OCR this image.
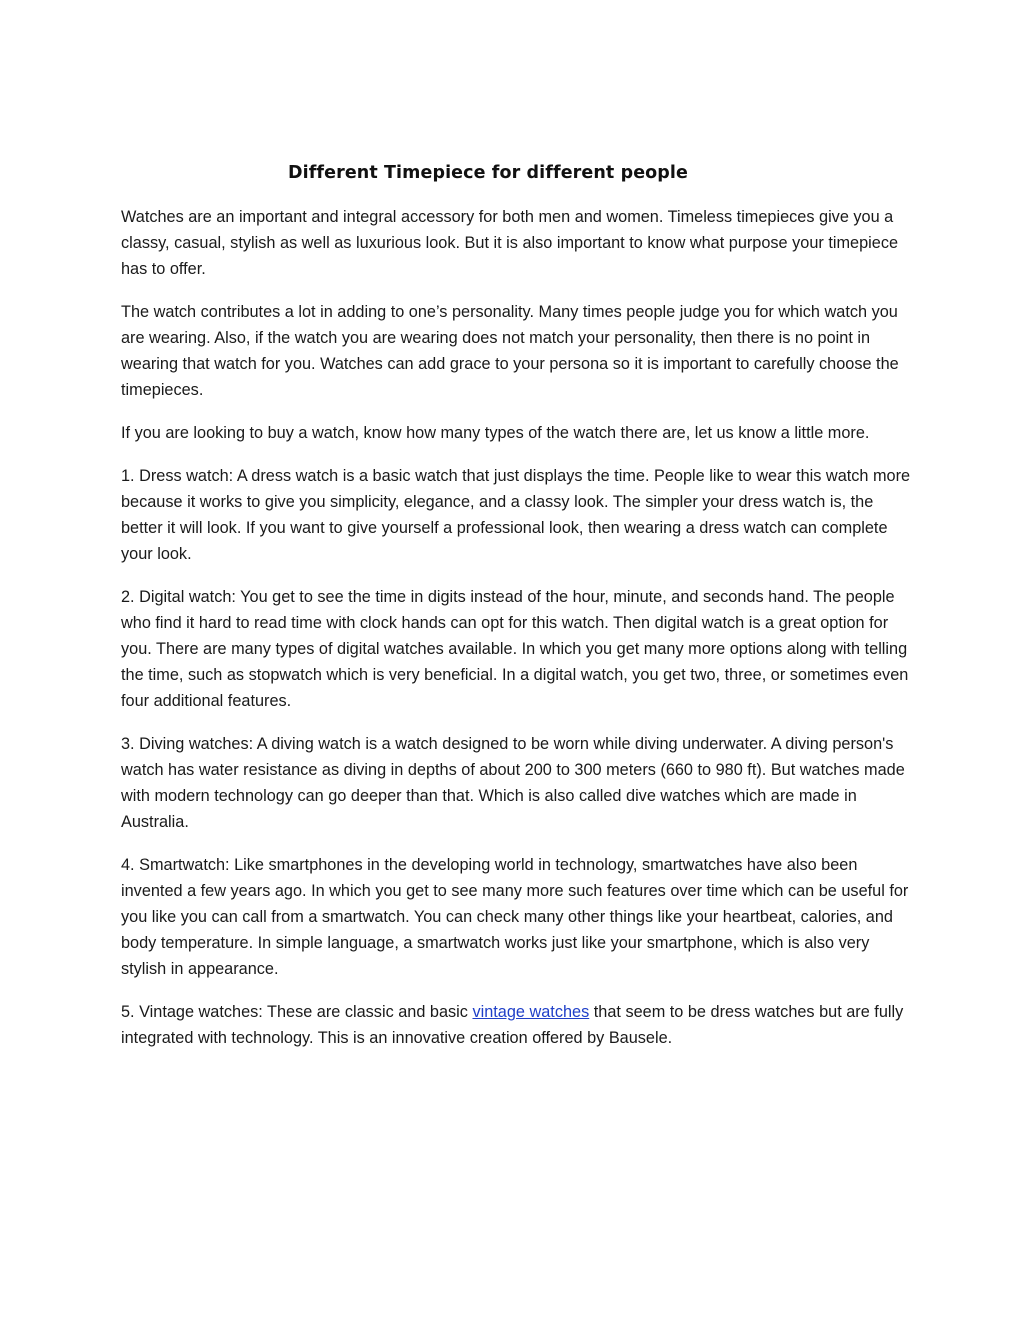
Different Timepiece for different people

Watches are an important and integral accessory for both men and women. Timeless timepieces give you a classy, casual, stylish as well as luxurious look. But it is also important to know what purpose your timepiece has to offer.

The watch contributes a lot in adding to one’s personality. Many times people judge you for which watch you are wearing. Also, if the watch you are wearing does not match your personality, then there is no point in wearing that watch for you. Watches can add grace to your persona so it is important to carefully choose the timepieces.

If you are looking to buy a watch, know how many types of the watch there are, let us know a little more.

1. Dress watch: A dress watch is a basic watch that just displays the time. People like to wear this watch more because it works to give you simplicity, elegance, and a classy look. The simpler your dress watch is, the better it will look. If you want to give yourself a professional look, then wearing a dress watch can complete your look.

2. Digital watch: You get to see the time in digits instead of the hour, minute, and seconds hand. The people who find it hard to read time with clock hands can opt for this watch. Then digital watch is a great option for you. There are many types of digital watches available. In which you get many more options along with telling the time, such as stopwatch which is very beneficial. In a digital watch, you get two, three, or sometimes even four additional features.

3. Diving watches: A diving watch is a watch designed to be worn while diving underwater. A diving person's watch has water resistance as diving in depths of about 200 to 300 meters (660 to 980 ft). But watches made with modern technology can go deeper than that. Which is also called dive watches which are made in Australia.

4. Smartwatch: Like smartphones in the developing world in technology, smartwatches have also been invented a few years ago. In which you get to see many more such features over time which can be useful for you like you can call from a smartwatch. You can check many other things like your heartbeat, calories, and body temperature. In simple language, a smartwatch works just like your smartphone, which is also very stylish in appearance.

5. Vintage watches: These are classic and basic vintage watches that seem to be dress watches but are fully integrated with technology. This is an innovative creation offered by Bausele.
